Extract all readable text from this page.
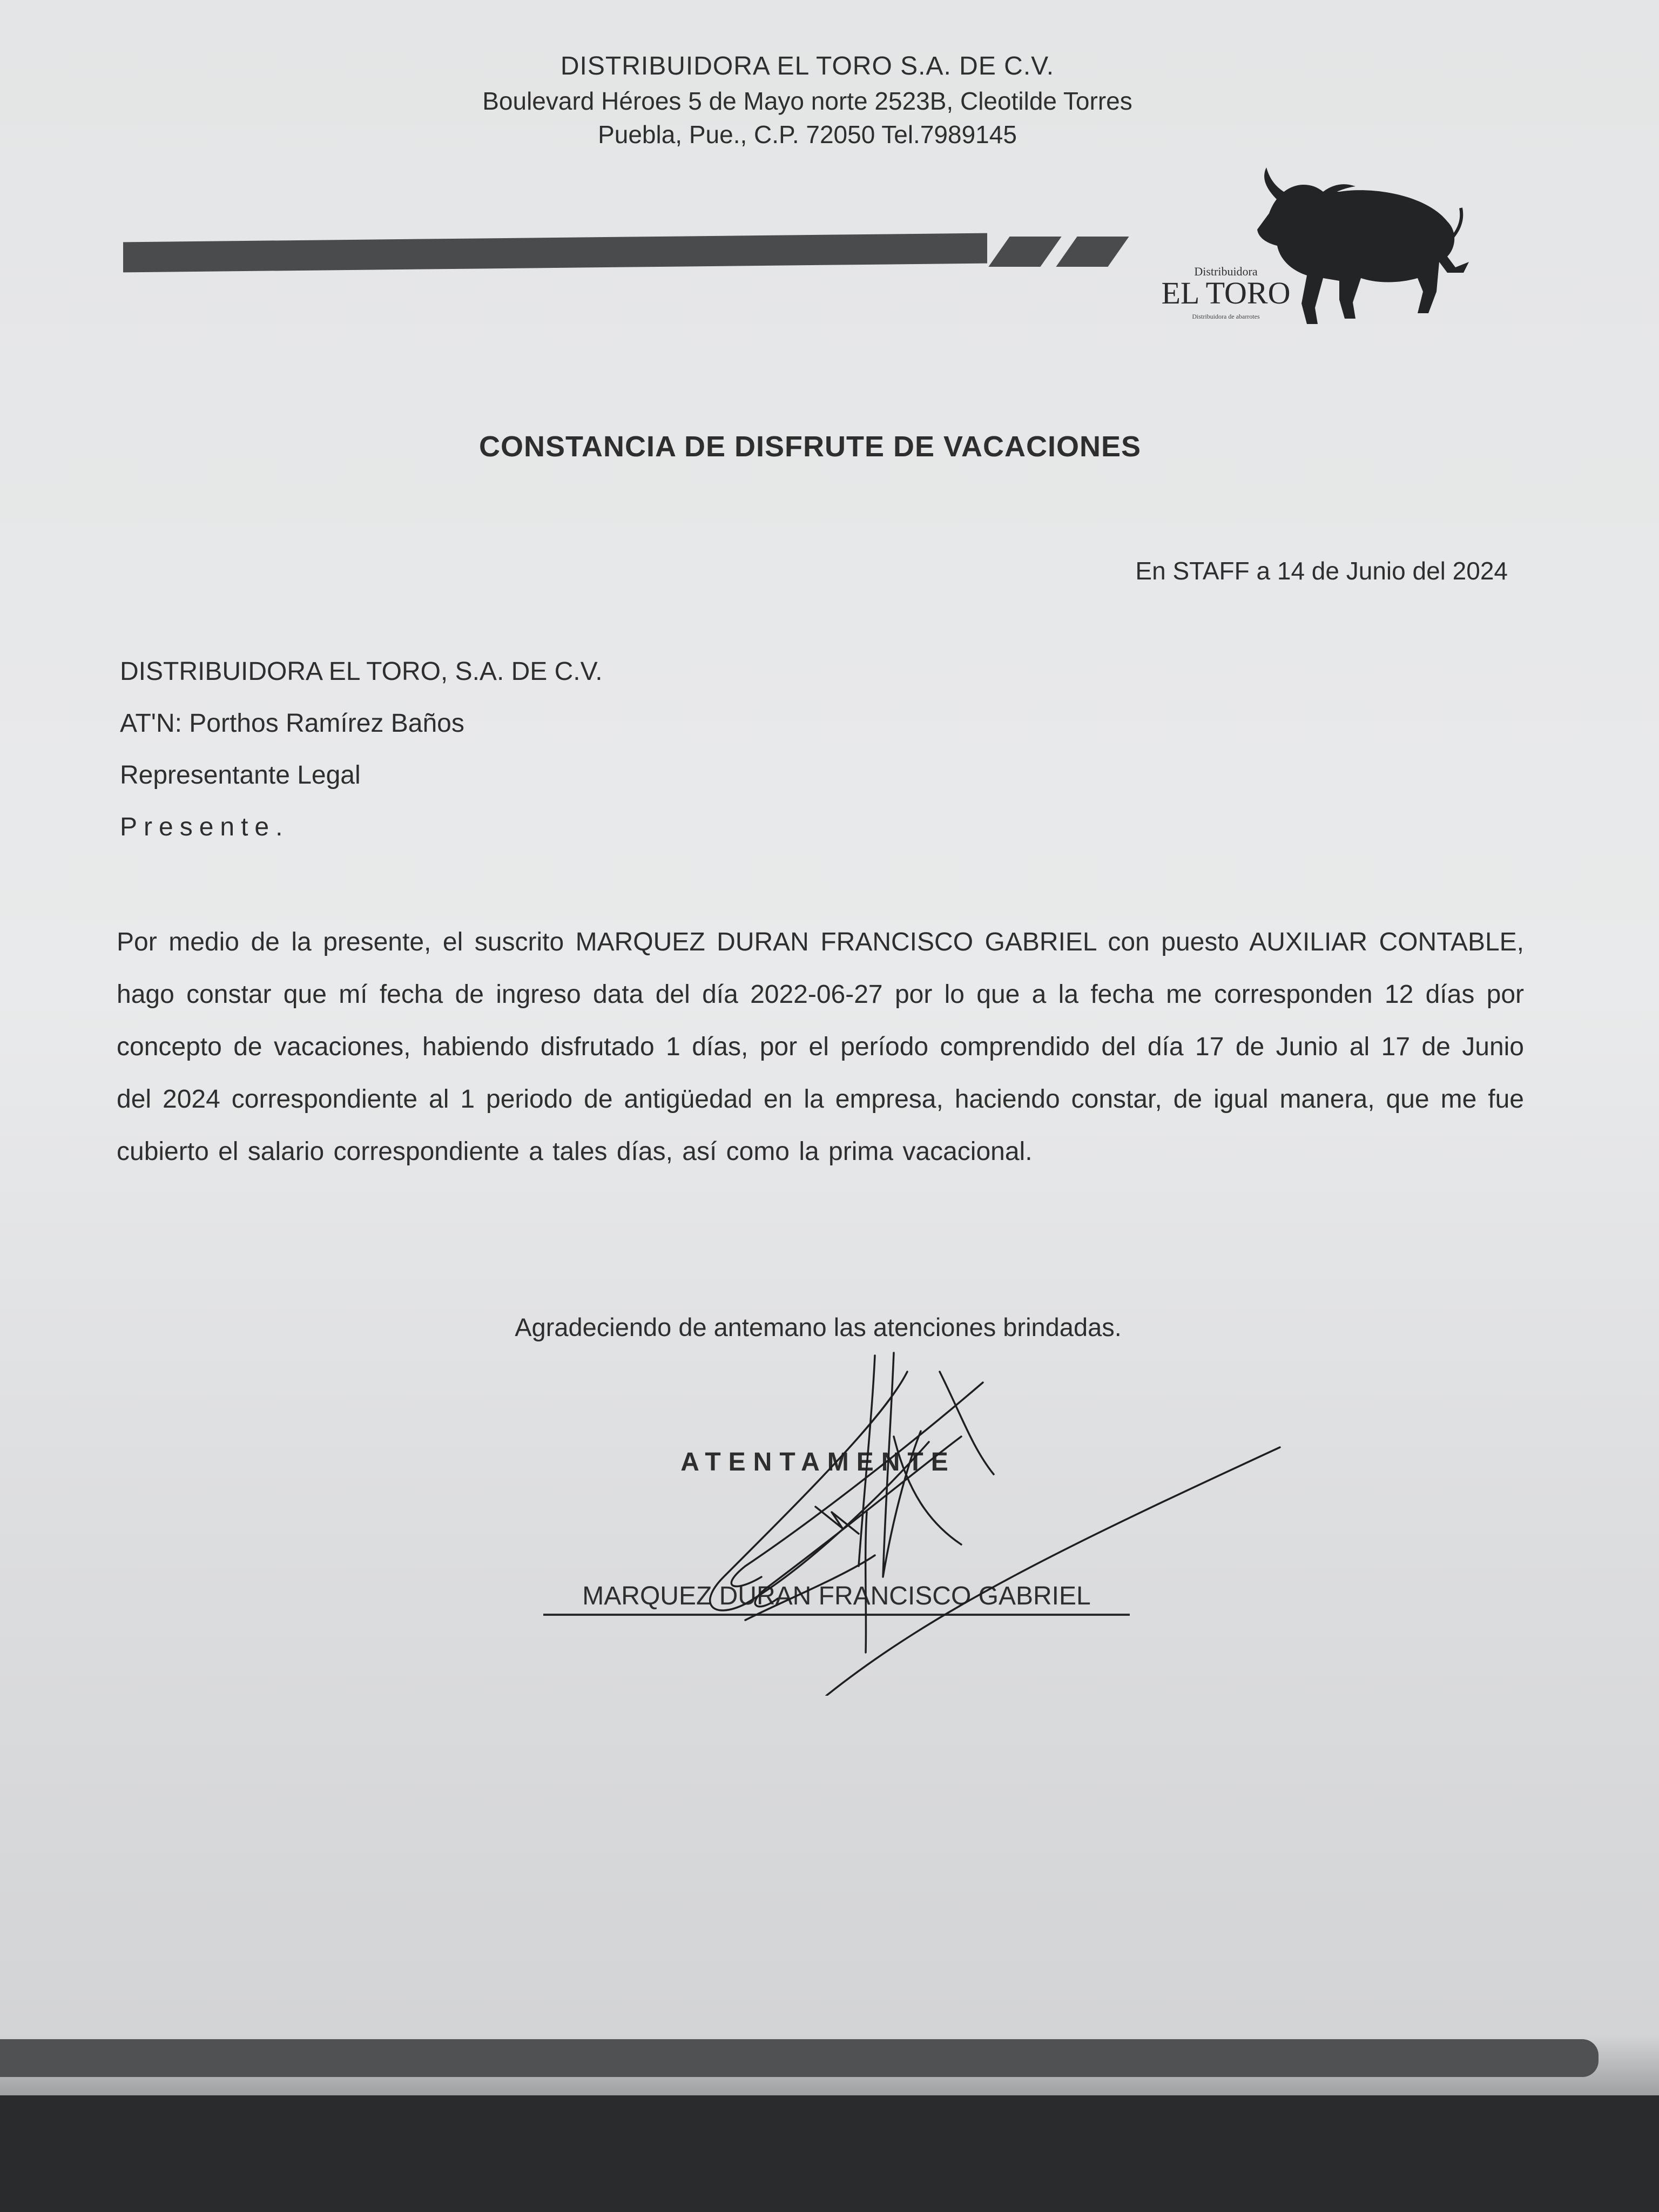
DISTRIBUIDORA EL TORO S.A. DE C.V.
Boulevard Héroes 5 de Mayo norte 2523B, Cleotilde Torres
Puebla, Pue., C.P. 72050 Tel.7989145
Distribuidora
EL TORO
Distribuidora de abarrotes
CONSTANCIA DE DISFRUTE DE VACACIONES
En STAFF a 14 de Junio del 2024
DISTRIBUIDORA EL TORO, S.A. DE C.V.
AT'N: Porthos Ramírez Baños
Representante Legal
Presente.
Por medio de la presente, el suscrito MARQUEZ DURAN FRANCISCO GABRIEL con puesto AUXILIAR CONTABLE, hago constar que mí fecha de ingreso data del día 2022-06-27 por lo que a la fecha me corresponden 12 días por concepto de vacaciones, habiendo disfrutado 1 días, por el período comprendido del día 17 de Junio al 17 de Junio del 2024 correspondiente al 1 periodo de antigüedad en la empresa, haciendo constar, de igual manera, que me fue cubierto el salario correspondiente a tales días, así como la prima vacacional.
Agradeciendo de antemano las atenciones brindadas.
ATENTAMENTE
MARQUEZ DURAN FRANCISCO GABRIEL
